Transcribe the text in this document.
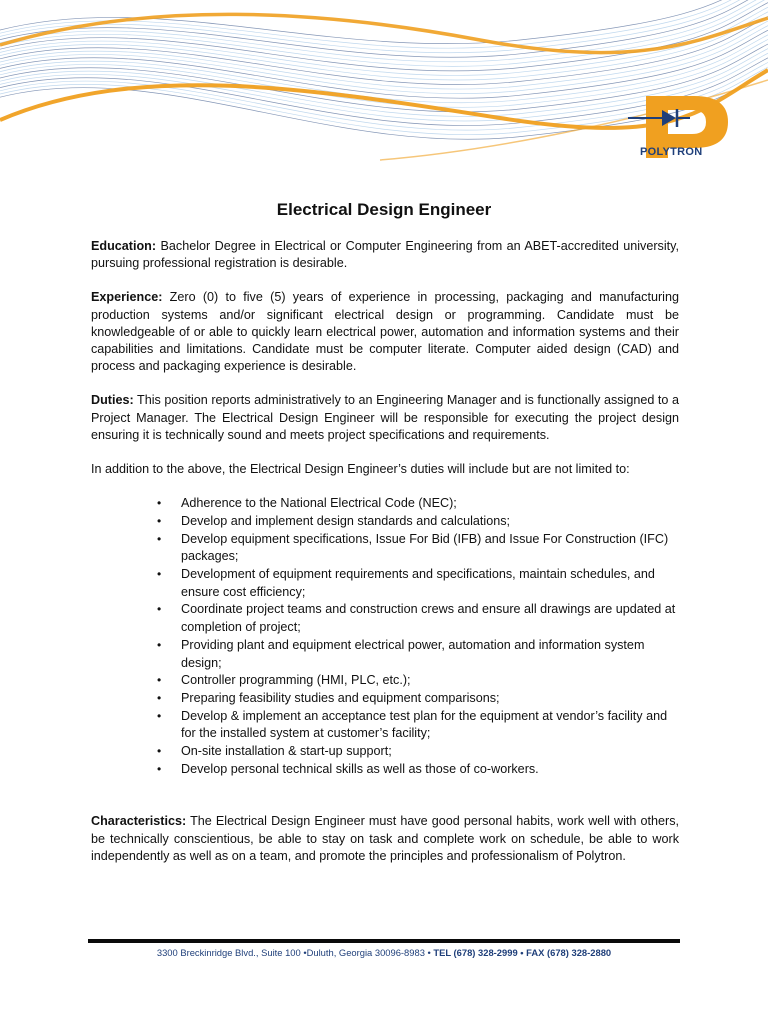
POLYTRON
Electrical Design Engineer

Education: Bachelor Degree in Electrical or Computer Engineering from an ABET-accredited university, pursuing professional registration is desirable.

Experience: Zero (0) to five (5) years of experience in processing, packaging and manufacturing production systems and/or significant electrical design or programming. Candidate must be knowledgeable of or able to quickly learn electrical power, automation and information systems and their capabilities and limitations. Candidate must be computer literate. Computer aided design (CAD) and process and packaging experience is desirable.

Duties: This position reports administratively to an Engineering Manager and is functionally assigned to a Project Manager. The Electrical Design Engineer will be responsible for executing the project design ensuring it is technically sound and meets project specifications and requirements.

In addition to the above, the Electrical Design Engineer’s duties will include but are not limited to:

• Adherence to the National Electrical Code (NEC);
• Develop and implement design standards and calculations;
• Develop equipment specifications, Issue For Bid (IFB) and Issue For Construction (IFC) packages;
• Development of equipment requirements and specifications, maintain schedules, and ensure cost efficiency;
• Coordinate project teams and construction crews and ensure all drawings are updated at completion of project;
• Providing plant and equipment electrical power, automation and information system design;
• Controller programming (HMI, PLC, etc.);
• Preparing feasibility studies and equipment comparisons;
• Develop & implement an acceptance test plan for the equipment at vendor’s facility and for the installed system at customer’s facility;
• On-site installation & start-up support;
• Develop personal technical skills as well as those of co-workers.

Characteristics: The Electrical Design Engineer must have good personal habits, work well with others, be technically conscientious, be able to stay on task and complete work on schedule, be able to work independently as well as on a team, and promote the principles and professionalism of Polytron.

3300 Breckinridge Blvd., Suite 100 •Duluth, Georgia 30096-8983 • TEL (678) 328-2999 • FAX (678) 328-2880
